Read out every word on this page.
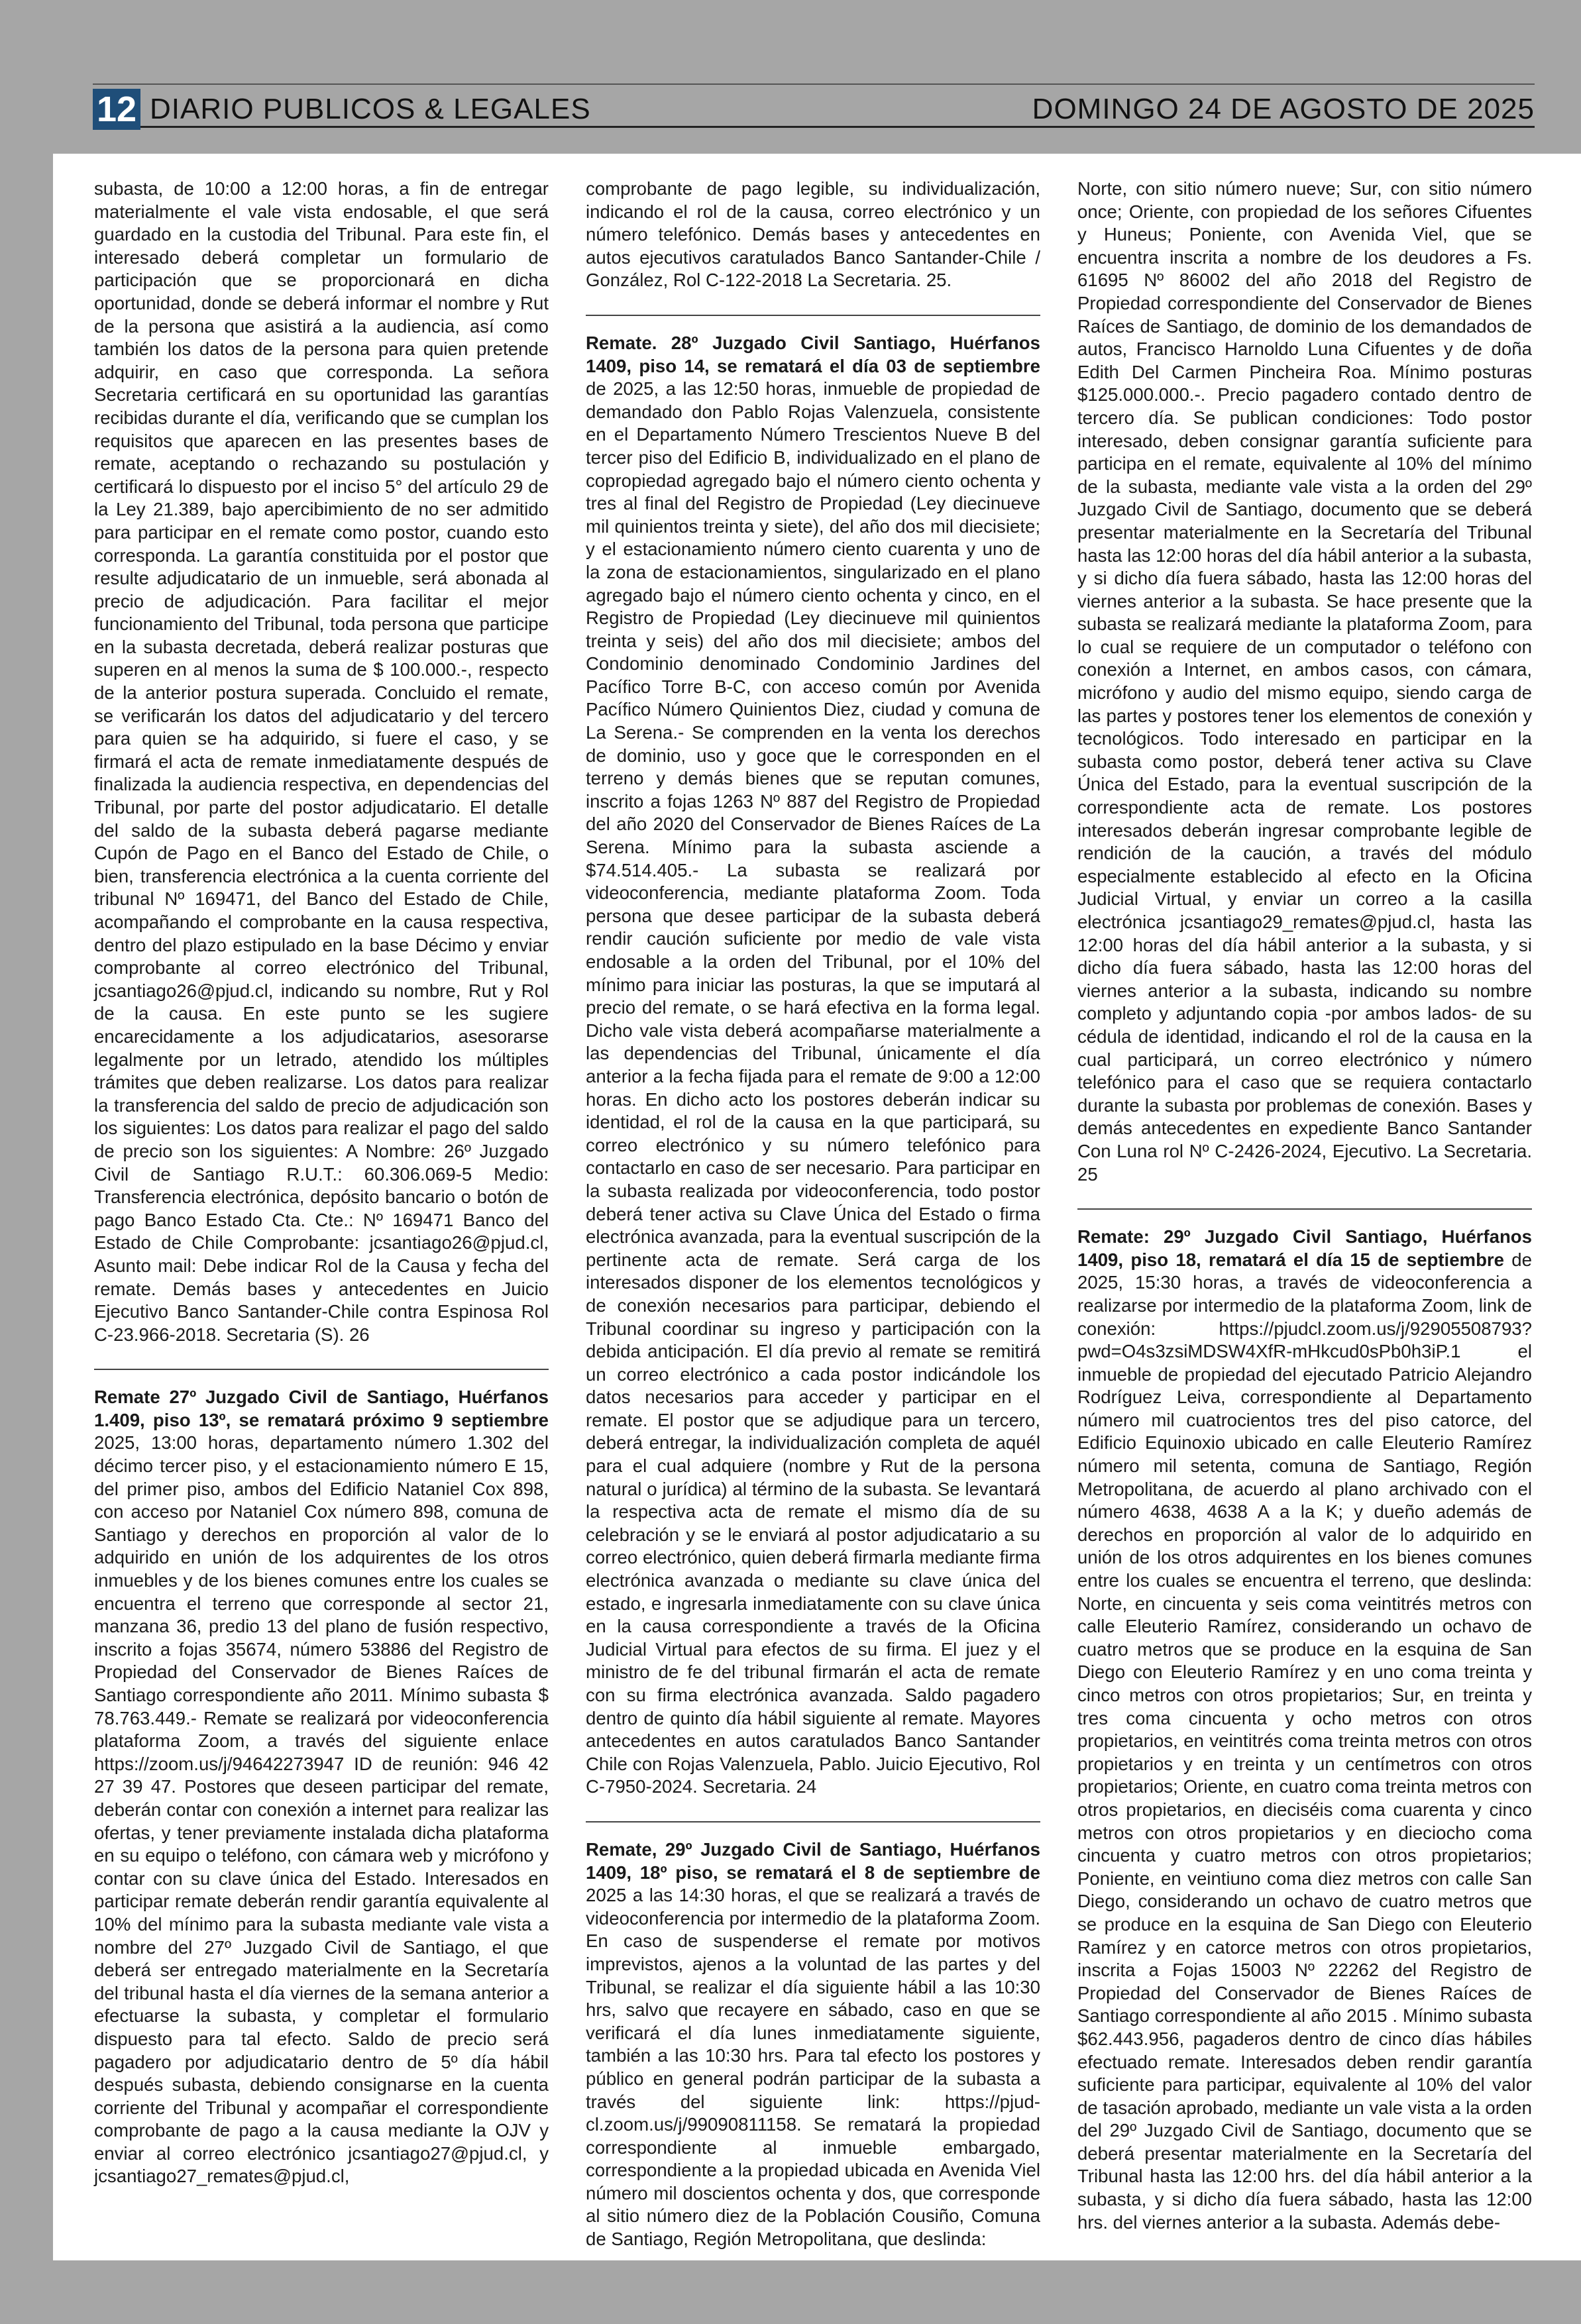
12 DIARIO PUBLICOS & LEGALES	DOMINGO 24 DE AGOSTO DE 2025

subasta, de 10:00 a 12:00 horas, a fin de entregar materialmente el vale vista endosable, el que será guardado en la custodia del Tribunal. Para este fin, el interesado deberá completar un formulario de participación que se proporcionará en dicha oportunidad, donde se deberá informar el nombre y Rut de la persona que asistirá a la audiencia, así como también los datos de la persona para quien pretende adquirir, en caso que corresponda. La señora Secretaria certificará en su oportunidad las garantías recibidas durante el día, verificando que se cumplan los requisitos que aparecen en las presentes bases de remate, aceptando o rechazando su postulación y certificará lo dispuesto por el inciso 5° del artículo 29 de la Ley 21.389, bajo apercibimiento de no ser admitido para participar en el remate como postor, cuando esto corresponda. La garantía constituida por el postor que resulte adjudicatario de un inmueble, será abonada al precio de adjudicación. Para facilitar el mejor funcionamiento del Tribunal, toda persona que participe en la subasta decretada, deberá realizar posturas que superen en al menos la suma de $ 100.000.-, respecto de la anterior postura superada. Concluido el remate, se verificarán los datos del adjudicatario y del tercero para quien se ha adquirido, si fuere el caso, y se firmará el acta de remate inmediatamente después de finalizada la audiencia respectiva, en dependencias del Tribunal, por parte del postor adjudicatario. El detalle del saldo de la subasta deberá pagarse mediante Cupón de Pago en el Banco del Estado de Chile, o bien, transferencia electrónica a la cuenta corriente del tribunal Nº 169471, del Banco del Estado de Chile, acompañando el comprobante en la causa respectiva, dentro del plazo estipulado en la base Décimo y enviar comprobante al correo electrónico del Tribunal, jcsantiago26@pjud.cl, indicando su nombre, Rut y Rol de la causa. En este punto se les sugiere encarecidamente a los adjudicatarios, asesorarse legalmente por un letrado, atendido los múltiples trámites que deben realizarse. Los datos para realizar la transferencia del saldo de precio de adjudicación son los siguientes: Los datos para realizar el pago del saldo de precio son los siguientes: A Nombre: 26º Juzgado Civil de Santiago R.U.T.: 60.306.069-5 Medio: Transferencia electrónica, depósito bancario o botón de pago Banco Estado Cta. Cte.: Nº 169471 Banco del Estado de Chile Comprobante: jcsantiago26@pjud.cl, Asunto mail: Debe indicar Rol de la Causa y fecha del remate. Demás bases y antecedentes en Juicio Ejecutivo Banco Santander-Chile contra Espinosa Rol C-23.966-2018. Secretaria (S). 26

Remate 27º Juzgado Civil de Santiago, Huérfanos 1.409, piso 13º, se rematará próximo 9 septiembre 2025, 13:00 horas, departamento número 1.302 del décimo tercer piso, y el estacionamiento número E 15, del primer piso, ambos del Edificio Nataniel Cox 898, con acceso por Nataniel Cox número 898, comuna de Santiago y derechos en proporción al valor de lo adquirido en unión de los adquirentes de los otros inmuebles y de los bienes comunes entre los cuales se encuentra el terreno que corresponde al sector 21, manzana 36, predio 13 del plano de fusión respectivo, inscrito a fojas 35674, número 53886 del Registro de Propiedad del Conservador de Bienes Raíces de Santiago correspondiente año 2011. Mínimo subasta $ 78.763.449.- Remate se realizará por videoconferencia plataforma Zoom, a través del siguiente enlace https://zoom.us/j/94642273947 ID de reunión: 946 42 27 39 47. Postores que deseen participar del remate, deberán contar con conexión a internet para realizar las ofertas, y tener previamente instalada dicha plataforma en su equipo o teléfono, con cámara web y micrófono y contar con su clave única del Estado. Interesados en participar remate deberán rendir garantía equivalente al 10% del mínimo para la subasta mediante vale vista a nombre del 27º Juzgado Civil de Santiago, el que deberá ser entregado materialmente en la Secretaría del tribunal hasta el día viernes de la semana anterior a efectuarse la subasta, y completar el formulario dispuesto para tal efecto. Saldo de precio será pagadero por adjudicatario dentro de 5º día hábil después subasta, debiendo consignarse en la cuenta corriente del Tribunal y acompañar el correspondiente comprobante de pago a la causa mediante la OJV y enviar al correo electrónico jcsantiago27@pjud.cl, y jcsantiago27_remates@pjud.cl,

comprobante de pago legible, su individualización, indicando el rol de la causa, correo electrónico y un número telefónico. Demás bases y antecedentes en autos ejecutivos caratulados Banco Santander-Chile / González, Rol C-122-2018 La Secretaria. 25.

Remate. 28º Juzgado Civil Santiago, Huérfanos 1409, piso 14, se rematará el día 03 de septiembre de 2025, a las 12:50 horas, inmueble de propiedad de demandado don Pablo Rojas Valenzuela, consistente en el Departamento Número Trescientos Nueve B del tercer piso del Edificio B, individualizado en el plano de copropiedad agregado bajo el número ciento ochenta y tres al final del Registro de Propiedad (Ley diecinueve mil quinientos treinta y siete), del año dos mil diecisiete; y el estacionamiento número ciento cuarenta y uno de la zona de estacionamientos, singularizado en el plano agregado bajo el número ciento ochenta y cinco, en el Registro de Propiedad (Ley diecinueve mil quinientos treinta y seis) del año dos mil diecisiete; ambos del Condominio denominado Condominio Jardines del Pacífico Torre B-C, con acceso común por Avenida Pacífico Número Quinientos Diez, ciudad y comuna de La Serena.- Se comprenden en la venta los derechos de dominio, uso y goce que le corresponden en el terreno y demás bienes que se reputan comunes, inscrito a fojas 1263 Nº 887 del Registro de Propiedad del año 2020 del Conservador de Bienes Raíces de La Serena. Mínimo para la subasta asciende a $74.514.405.- La subasta se realizará por videoconferencia, mediante plataforma Zoom. Toda persona que desee participar de la subasta deberá rendir caución suficiente por medio de vale vista endosable a la orden del Tribunal, por el 10% del mínimo para iniciar las posturas, la que se imputará al precio del remate, o se hará efectiva en la forma legal. Dicho vale vista deberá acompañarse materialmente a las dependencias del Tribunal, únicamente el día anterior a la fecha fijada para el remate de 9:00 a 12:00 horas. En dicho acto los postores deberán indicar su identidad, el rol de la causa en la que participará, su correo electrónico y su número telefónico para contactarlo en caso de ser necesario. Para participar en la subasta realizada por videoconferencia, todo postor deberá tener activa su Clave Única del Estado o firma electrónica avanzada, para la eventual suscripción de la pertinente acta de remate. Será carga de los interesados disponer de los elementos tecnológicos y de conexión necesarios para participar, debiendo el Tribunal coordinar su ingreso y participación con la debida anticipación. El día previo al remate se remitirá un correo electrónico a cada postor indicándole los datos necesarios para acceder y participar en el remate. El postor que se adjudique para un tercero, deberá entregar, la individualización completa de aquél para el cual adquiere (nombre y Rut de la persona natural o jurídica) al término de la subasta. Se levantará la respectiva acta de remate el mismo día de su celebración y se le enviará al postor adjudicatario a su correo electrónico, quien deberá firmarla mediante firma electrónica avanzada o mediante su clave única del estado, e ingresarla inmediatamente con su clave única en la causa correspondiente a través de la Oficina Judicial Virtual para efectos de su firma. El juez y el ministro de fe del tribunal firmarán el acta de remate con su firma electrónica avanzada. Saldo pagadero dentro de quinto día hábil siguiente al remate. Mayores antecedentes en autos caratulados Banco Santander Chile con Rojas Valenzuela, Pablo. Juicio Ejecutivo, Rol C-7950-2024. Secretaria. 24

Remate, 29º Juzgado Civil de Santiago, Huérfanos 1409, 18º piso, se rematará el 8 de septiembre de 2025 a las 14:30 horas, el que se realizará a través de videoconferencia por intermedio de la plataforma Zoom. En caso de suspenderse el remate por motivos imprevistos, ajenos a la voluntad de las partes y del Tribunal, se realizar el día siguiente hábil a las 10:30 hrs, salvo que recayere en sábado, caso en que se verificará el día lunes inmediatamente siguiente, también a las 10:30 hrs. Para tal efecto los postores y público en general podrán participar de la subasta a través del siguiente link: https://pjud-cl.zoom.us/j/99090811158. Se rematará la propiedad correspondiente al inmueble embargado, correspondiente a la propiedad ubicada en Avenida Viel número mil doscientos ochenta y dos, que corresponde al sitio número diez de la Población Cousiño, Comuna de Santiago, Región Metropolitana, que deslinda:

Norte, con sitio número nueve; Sur, con sitio número once; Oriente, con propiedad de los señores Cifuentes y Huneus; Poniente, con Avenida Viel, que se encuentra inscrita a nombre de los deudores a Fs. 61695 Nº 86002 del año 2018 del Registro de Propiedad correspondiente del Conservador de Bienes Raíces de Santiago, de dominio de los demandados de autos, Francisco Harnoldo Luna Cifuentes y de doña Edith Del Carmen Pincheira Roa. Mínimo posturas $125.000.000.-. Precio pagadero contado dentro de tercero día. Se publican condiciones: Todo postor interesado, deben consignar garantía suficiente para participa en el remate, equivalente al 10% del mínimo de la subasta, mediante vale vista a la orden del 29º Juzgado Civil de Santiago, documento que se deberá presentar materialmente en la Secretaría del Tribunal hasta las 12:00 horas del día hábil anterior a la subasta, y si dicho día fuera sábado, hasta las 12:00 horas del viernes anterior a la subasta. Se hace presente que la subasta se realizará mediante la plataforma Zoom, para lo cual se requiere de un computador o teléfono con conexión a Internet, en ambos casos, con cámara, micrófono y audio del mismo equipo, siendo carga de las partes y postores tener los elementos de conexión y tecnológicos. Todo interesado en participar en la subasta como postor, deberá tener activa su Clave Única del Estado, para la eventual suscripción de la correspondiente acta de remate. Los postores interesados deberán ingresar comprobante legible de rendición de la caución, a través del módulo especialmente establecido al efecto en la Oficina Judicial Virtual, y enviar un correo a la casilla electrónica jcsantiago29_remates@pjud.cl, hasta las 12:00 horas del día hábil anterior a la subasta, y si dicho día fuera sábado, hasta las 12:00 horas del viernes anterior a la subasta, indicando su nombre completo y adjuntando copia -por ambos lados- de su cédula de identidad, indicando el rol de la causa en la cual participará, un correo electrónico y número telefónico para el caso que se requiera contactarlo durante la subasta por problemas de conexión. Bases y demás antecedentes en expediente Banco Santander Con Luna rol Nº C-2426-2024, Ejecutivo. La Secretaria. 25

Remate: 29º Juzgado Civil Santiago, Huérfanos 1409, piso 18, rematará el día 15 de septiembre de 2025, 15:30 horas, a través de videoconferencia a realizarse por intermedio de la plataforma Zoom, link de conexión: https://pjudcl.zoom.us/j/92905508793?pwd=O4s3zsiMDSW4XfR-mHkcud0sPb0h3iP.1 el inmueble de propiedad del ejecutado Patricio Alejandro Rodríguez Leiva, correspondiente al Departamento número mil cuatrocientos tres del piso catorce, del Edificio Equinoxio ubicado en calle Eleuterio Ramírez número mil setenta, comuna de Santiago, Región Metropolitana, de acuerdo al plano archivado con el número 4638, 4638 A a la K; y dueño además de derechos en proporción al valor de lo adquirido en unión de los otros adquirentes en los bienes comunes entre los cuales se encuentra el terreno, que deslinda: Norte, en cincuenta y seis coma veintitrés metros con calle Eleuterio Ramírez, considerando un ochavo de cuatro metros que se produce en la esquina de San Diego con Eleuterio Ramírez y en uno coma treinta y cinco metros con otros propietarios; Sur, en treinta y tres coma cincuenta y ocho metros con otros propietarios, en veintitrés coma treinta metros con otros propietarios y en treinta y un centímetros con otros propietarios; Oriente, en cuatro coma treinta metros con otros propietarios, en dieciséis coma cuarenta y cinco metros con otros propietarios y en dieciocho coma cincuenta y cuatro metros con otros propietarios; Poniente, en veintiuno coma diez metros con calle San Diego, considerando un ochavo de cuatro metros que se produce en la esquina de San Diego con Eleuterio Ramírez y en catorce metros con otros propietarios, inscrita a Fojas 15003 Nº 22262 del Registro de Propiedad del Conservador de Bienes Raíces de Santiago correspondiente al año 2015 . Mínimo subasta $62.443.956, pagaderos dentro de cinco días hábiles efectuado remate. Interesados deben rendir garantía suficiente para participar, equivalente al 10% del valor de tasación aprobado, mediante un vale vista a la orden del 29º Juzgado Civil de Santiago, documento que se deberá presentar materialmente en la Secretaría del Tribunal hasta las 12:00 hrs. del día hábil anterior a la subasta, y si dicho día fuera sábado, hasta las 12:00 hrs. del viernes anterior a la subasta. Además debe-
